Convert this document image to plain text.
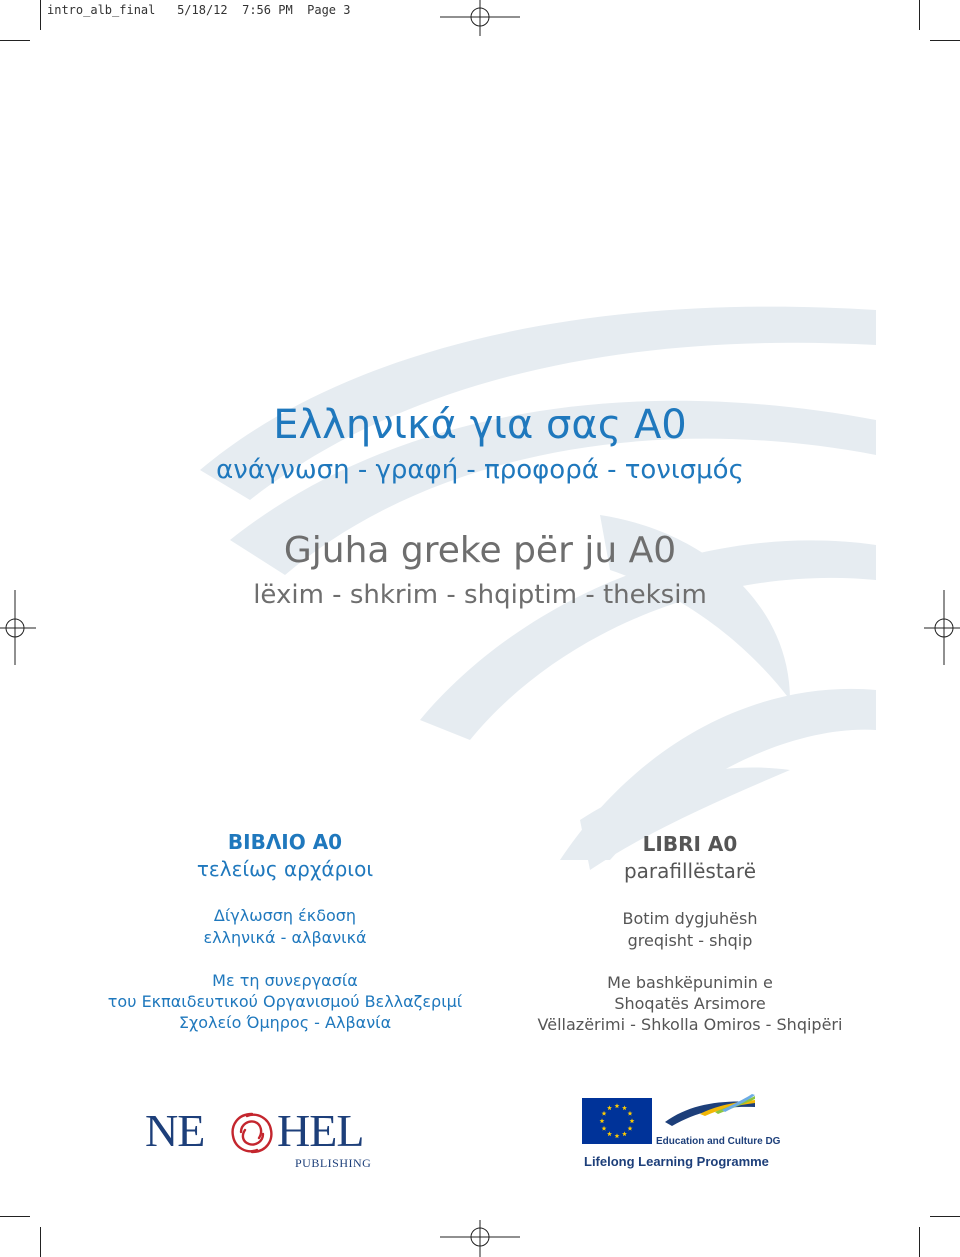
intro_alb_final 5/18/12 7:56 PM Page 3
Ελληνικά για σας Α0
ανάγνωση - γραφή - προφορά - τονισμός
Gjuha greke për ju A0
lëxim - shkrim - shqiptim - theksim
ΒΙΒΛΙΟ Α0
τελείως αρχάριοι
Δίγλωσση έκδοση
ελληνικά - αλβανικά
Με τη συνεργασία
του Εκπαιδευτικού Οργανισμού Βελλαζεριμί
Σχολείο Όμηρος - Αλβανία
LIBRI A0
parafillëstarë
Botim dygjuhësh
greqisht - shqip
Me bashkëpunimin e
Shoqatës Arsimore
Vëllazërimi - Shkolla Omiros - Shqipëri
NE HEL
PUBLISHING
Education and Culture DG
Lifelong Learning Programme
